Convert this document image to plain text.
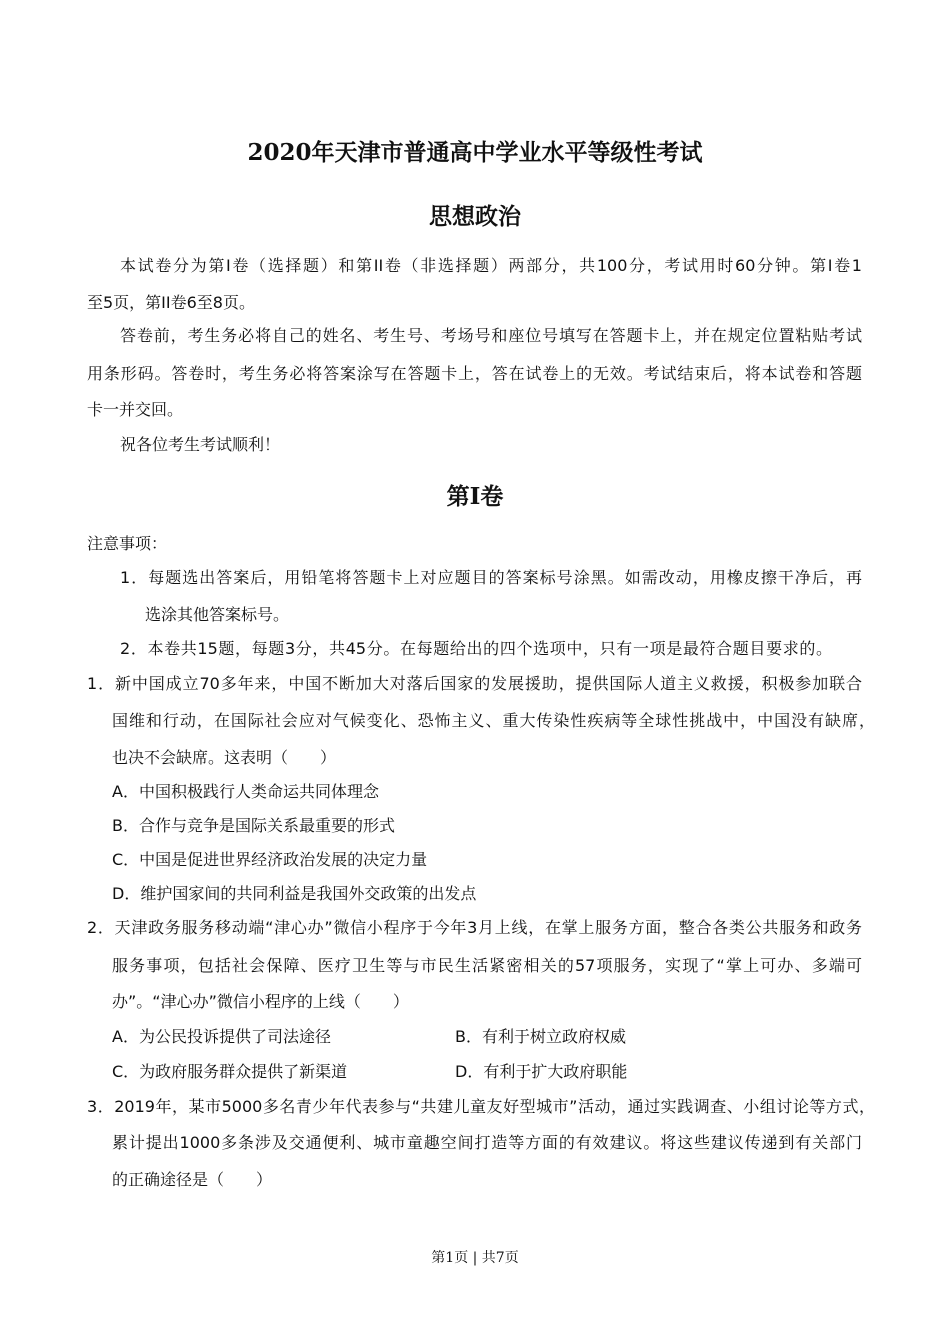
2020年天津市普通高中学业水平等级性考试
思想政治
本试卷分为第I卷（选择题）和第II卷（非选择题）两部分，共100分，考试用时60分钟。第I卷1
至5页，第II卷6至8页。
答卷前，考生务必将自己的姓名、考生号、考场号和座位号填写在答题卡上，并在规定位置粘贴考试
用条形码。答卷时，考生务必将答案涂写在答题卡上，答在试卷上的无效。考试结束后，将本试卷和答题
卡一并交回。
祝各位考生考试顺利！
第I卷
注意事项：
1．每题选出答案后，用铅笔将答题卡上对应题目的答案标号涂黑。如需改动，用橡皮擦干净后，再
选涂其他答案标号。
2．本卷共15题，每题3分，共45分。在每题给出的四个选项中，只有一项是最符合题目要求的。
1．新中国成立70多年来，中国不断加大对落后国家的发展援助，提供国际人道主义救援，积极参加联合
国维和行动，在国际社会应对气候变化、恐怖主义、重大传染性疾病等全球性挑战中，中国没有缺席，
也决不会缺席。这表明（　　）
A．中国积极践行人类命运共同体理念
B．合作与竞争是国际关系最重要的形式
C．中国是促进世界经济政治发展的决定力量
D．维护国家间的共同利益是我国外交政策的出发点
2．天津政务服务移动端“津心办”微信小程序于今年3月上线，在掌上服务方面，整合各类公共服务和政务
服务事项，包括社会保障、医疗卫生等与市民生活紧密相关的57项服务，实现了“掌上可办、多端可
办”。“津心办”微信小程序的上线（　　）
A．为公民投诉提供了司法途径	B．有利于树立政府权威
C．为政府服务群众提供了新渠道	D．有利于扩大政府职能
3．2019年，某市5000多名青少年代表参与“共建儿童友好型城市”活动，通过实践调查、小组讨论等方式，
累计提出1000多条涉及交通便利、城市童趣空间打造等方面的有效建议。将这些建议传递到有关部门
的正确途径是（　　）
第1页 | 共7页
